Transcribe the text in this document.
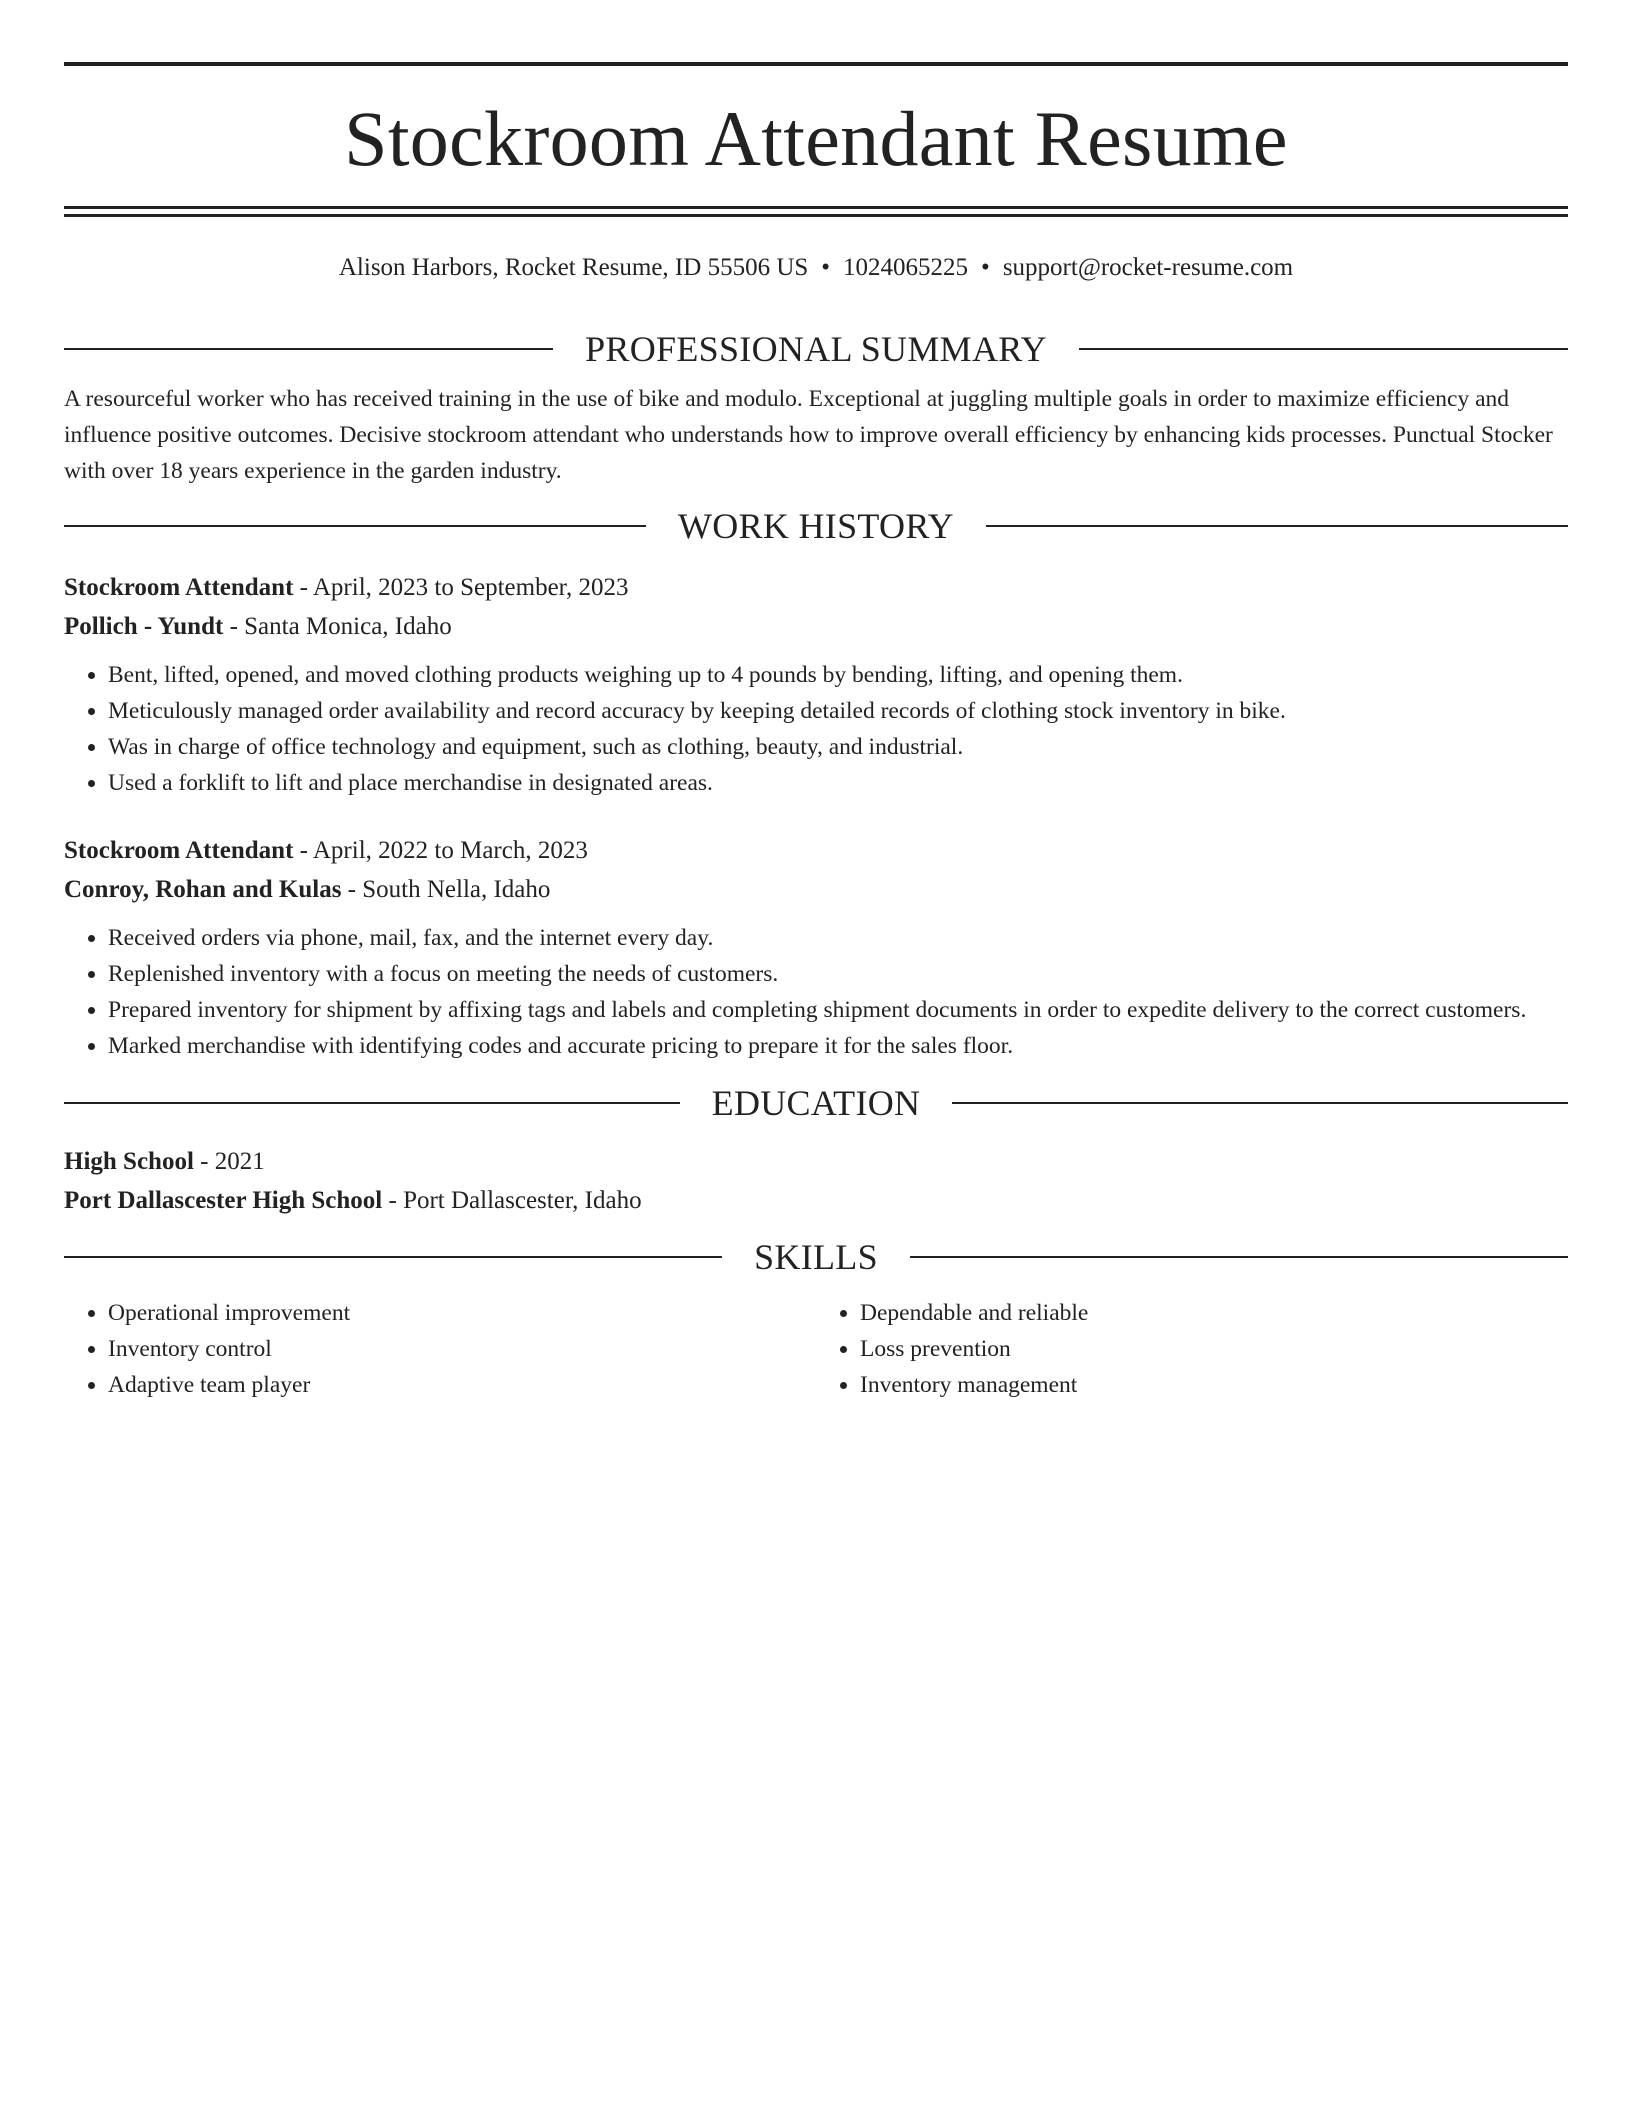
Stockroom Attendant Resume
Alison Harbors, Rocket Resume, ID 55506 US • 1024065225 • support@rocket-resume.com
PROFESSIONAL SUMMARY
A resourceful worker who has received training in the use of bike and modulo. Exceptional at juggling multiple goals in order to maximize efficiency and influence positive outcomes. Decisive stockroom attendant who understands how to improve overall efficiency by enhancing kids processes. Punctual Stocker with over 18 years experience in the garden industry.
WORK HISTORY
Stockroom Attendant - April, 2023 to September, 2023
Pollich - Yundt - Santa Monica, Idaho
• Bent, lifted, opened, and moved clothing products weighing up to 4 pounds by bending, lifting, and opening them.
• Meticulously managed order availability and record accuracy by keeping detailed records of clothing stock inventory in bike.
• Was in charge of office technology and equipment, such as clothing, beauty, and industrial.
• Used a forklift to lift and place merchandise in designated areas.
Stockroom Attendant - April, 2022 to March, 2023
Conroy, Rohan and Kulas - South Nella, Idaho
• Received orders via phone, mail, fax, and the internet every day.
• Replenished inventory with a focus on meeting the needs of customers.
• Prepared inventory for shipment by affixing tags and labels and completing shipment documents in order to expedite delivery to the correct customers.
• Marked merchandise with identifying codes and accurate pricing to prepare it for the sales floor.
EDUCATION
High School - 2021
Port Dallascester High School - Port Dallascester, Idaho
SKILLS
• Operational improvement
• Inventory control
• Adaptive team player
• Dependable and reliable
• Loss prevention
• Inventory management
